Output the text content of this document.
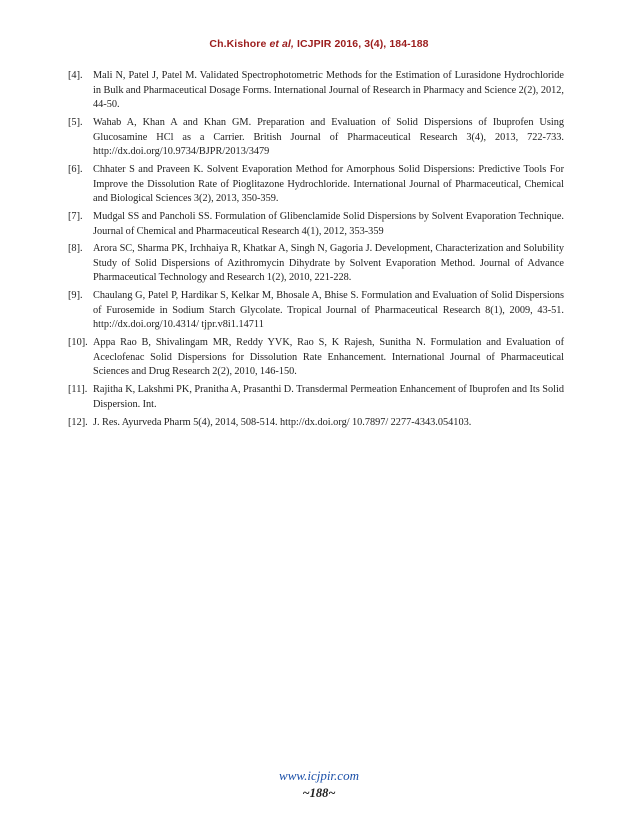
Ch.Kishore et al, ICJPIR 2016, 3(4), 184-188
[4].	Mali N, Patel J, Patel M. Validated Spectrophotometric Methods for the Estimation of Lurasidone Hydrochloride in Bulk and Pharmaceutical Dosage Forms. International Journal of Research in Pharmacy and Science 2(2), 2012, 44-50.
[5].	Wahab A, Khan A and Khan GM. Preparation and Evaluation of Solid Dispersions of Ibuprofen Using Glucosamine HCl as a Carrier. British Journal of Pharmaceutical Research 3(4), 2013, 722-733. http://dx.doi.org/10.9734/BJPR/2013/3479
[6].	Chhater S and Praveen K. Solvent Evaporation Method for Amorphous Solid Dispersions: Predictive Tools For Improve the Dissolution Rate of Pioglitazone Hydrochloride. International Journal of Pharmaceutical, Chemical and Biological Sciences 3(2), 2013, 350-359.
[7].	Mudgal SS and Pancholi SS. Formulation of Glibenclamide Solid Dispersions by Solvent Evaporation Technique. Journal of Chemical and Pharmaceutical Research 4(1), 2012, 353-359
[8].	Arora SC, Sharma PK, Irchhaiya R, Khatkar A, Singh N, Gagoria J. Development, Characterization and Solubility Study of Solid Dispersions of Azithromycin Dihydrate by Solvent Evaporation Method. Journal of Advance Pharmaceutical Technology and Research 1(2), 2010, 221-228.
[9].	Chaulang G, Patel P, Hardikar S, Kelkar M, Bhosale A, Bhise S. Formulation and Evaluation of Solid Dispersions of Furosemide in Sodium Starch Glycolate. Tropical Journal of Pharmaceutical Research 8(1), 2009, 43-51. http://dx.doi.org/10.4314/ tjpr.v8i1.14711
[10]. Appa Rao B, Shivalingam MR, Reddy YVK, Rao S, K Rajesh, Sunitha N. Formulation and Evaluation of Aceclofenac Solid Dispersions for Dissolution Rate Enhancement. International Journal of Pharmaceutical Sciences and Drug Research 2(2), 2010, 146-150.
[11]. Rajitha K, Lakshmi PK, Pranitha A, Prasanthi D. Transdermal Permeation Enhancement of Ibuprofen and Its Solid Dispersion. Int.
[12]. J. Res. Ayurveda Pharm 5(4), 2014, 508-514. http://dx.doi.org/ 10.7897/ 2277-4343.054103.
www.icjpir.com
~188~
